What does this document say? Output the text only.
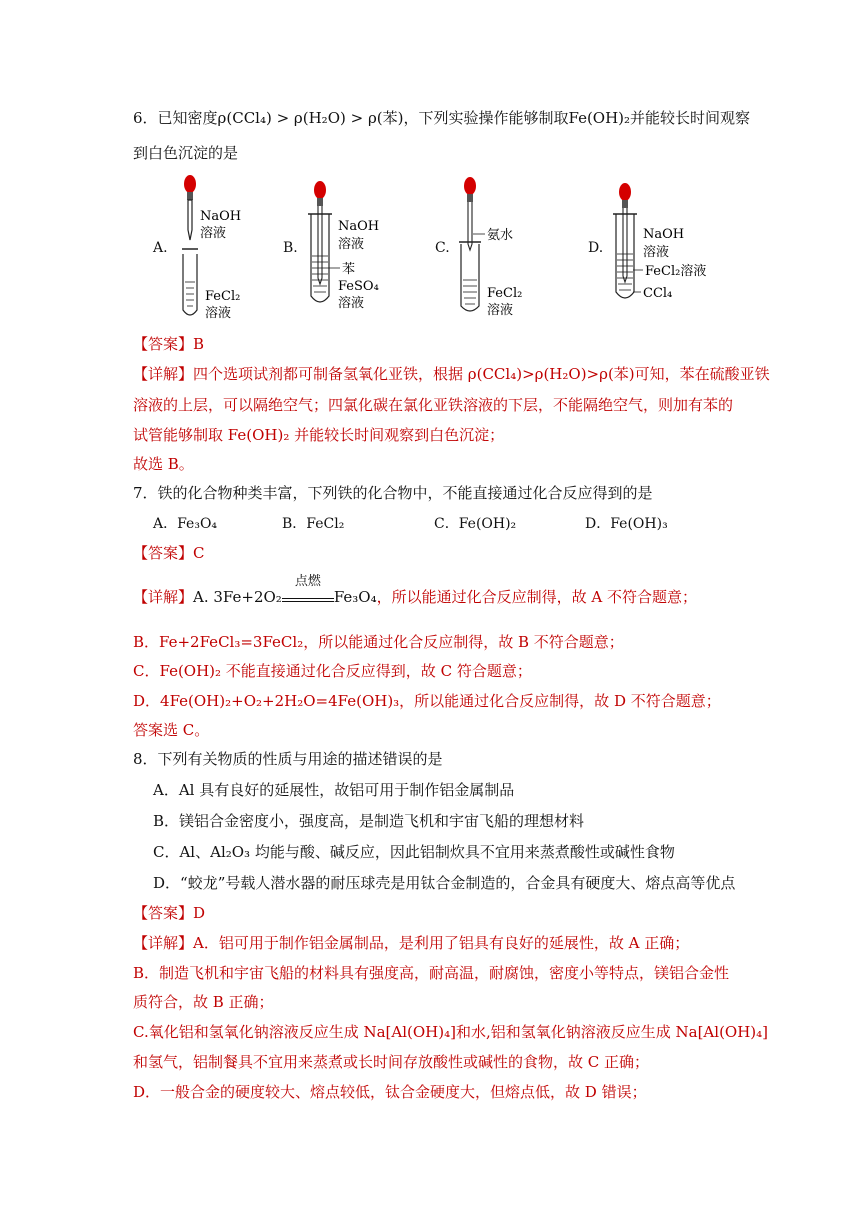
6．已知密度ρ(CCl₄) > ρ(H₂O) > ρ(苯)，下列实验操作能够制取Fe(OH)₂并能较长时间观察
到白色沉淀的是
A.
NaOH
溶液
FeCl₂
溶液
B.
NaOH
溶液
苯
FeSO₄
溶液
C.
氨水
FeCl₂
溶液
D.
NaOH
溶液
FeCl₂溶液
CCl₄
【答案】B
【详解】四个选项试剂都可制备氢氧化亚铁，根据 ρ(CCl₄)>ρ(H₂O)>ρ(苯)可知，苯在硫酸亚铁
溶液的上层，可以隔绝空气；四氯化碳在氯化亚铁溶液的下层，不能隔绝空气，则加有苯的
试管能够制取 Fe(OH)₂ 并能较长时间观察到白色沉淀；
故选 B。
7．铁的化合物种类丰富，下列铁的化合物中，不能直接通过化合反应得到的是
A．Fe₃O₄	B．FeCl₂	C．Fe(OH)₂	D．Fe(OH)₃
【答案】C
【详解】A. 3Fe+2O₂
点燃
Fe₃O₄，所以能通过化合反应制得，故 A 不符合题意；
B．Fe+2FeCl₃=3FeCl₂，所以能通过化合反应制得，故 B 不符合题意；
C．Fe(OH)₂ 不能直接通过化合反应得到，故 C 符合题意；
D．4Fe(OH)₂+O₂+2H₂O=4Fe(OH)₃，所以能通过化合反应制得，故 D 不符合题意；
答案选 C。
8．下列有关物质的性质与用途的描述错误的是
A．Al 具有良好的延展性，故铝可用于制作铝金属制品
B．镁铝合金密度小，强度高，是制造飞机和宇宙飞船的理想材料
C．Al、Al₂O₃ 均能与酸、碱反应，因此铝制炊具不宜用来蒸煮酸性或碱性食物
D．“蛟龙”号载人潜水器的耐压球壳是用钛合金制造的，合金具有硬度大、熔点高等优点
【答案】D
【详解】A．铝可用于制作铝金属制品，是利用了铝具有良好的延展性，故 A 正确；
B．制造飞机和宇宙飞船的材料具有强度高，耐高温，耐腐蚀，密度小等特点，镁铝合金性
质符合，故 B 正确；
C.氧化铝和氢氧化钠溶液反应生成 Na[Al(OH)₄]和水,铝和氢氧化钠溶液反应生成 Na[Al(OH)₄]
和氢气，铝制餐具不宜用来蒸煮或长时间存放酸性或碱性的食物，故 C 正确；
D．一般合金的硬度较大、熔点较低，钛合金硬度大，但熔点低，故 D 错误；
